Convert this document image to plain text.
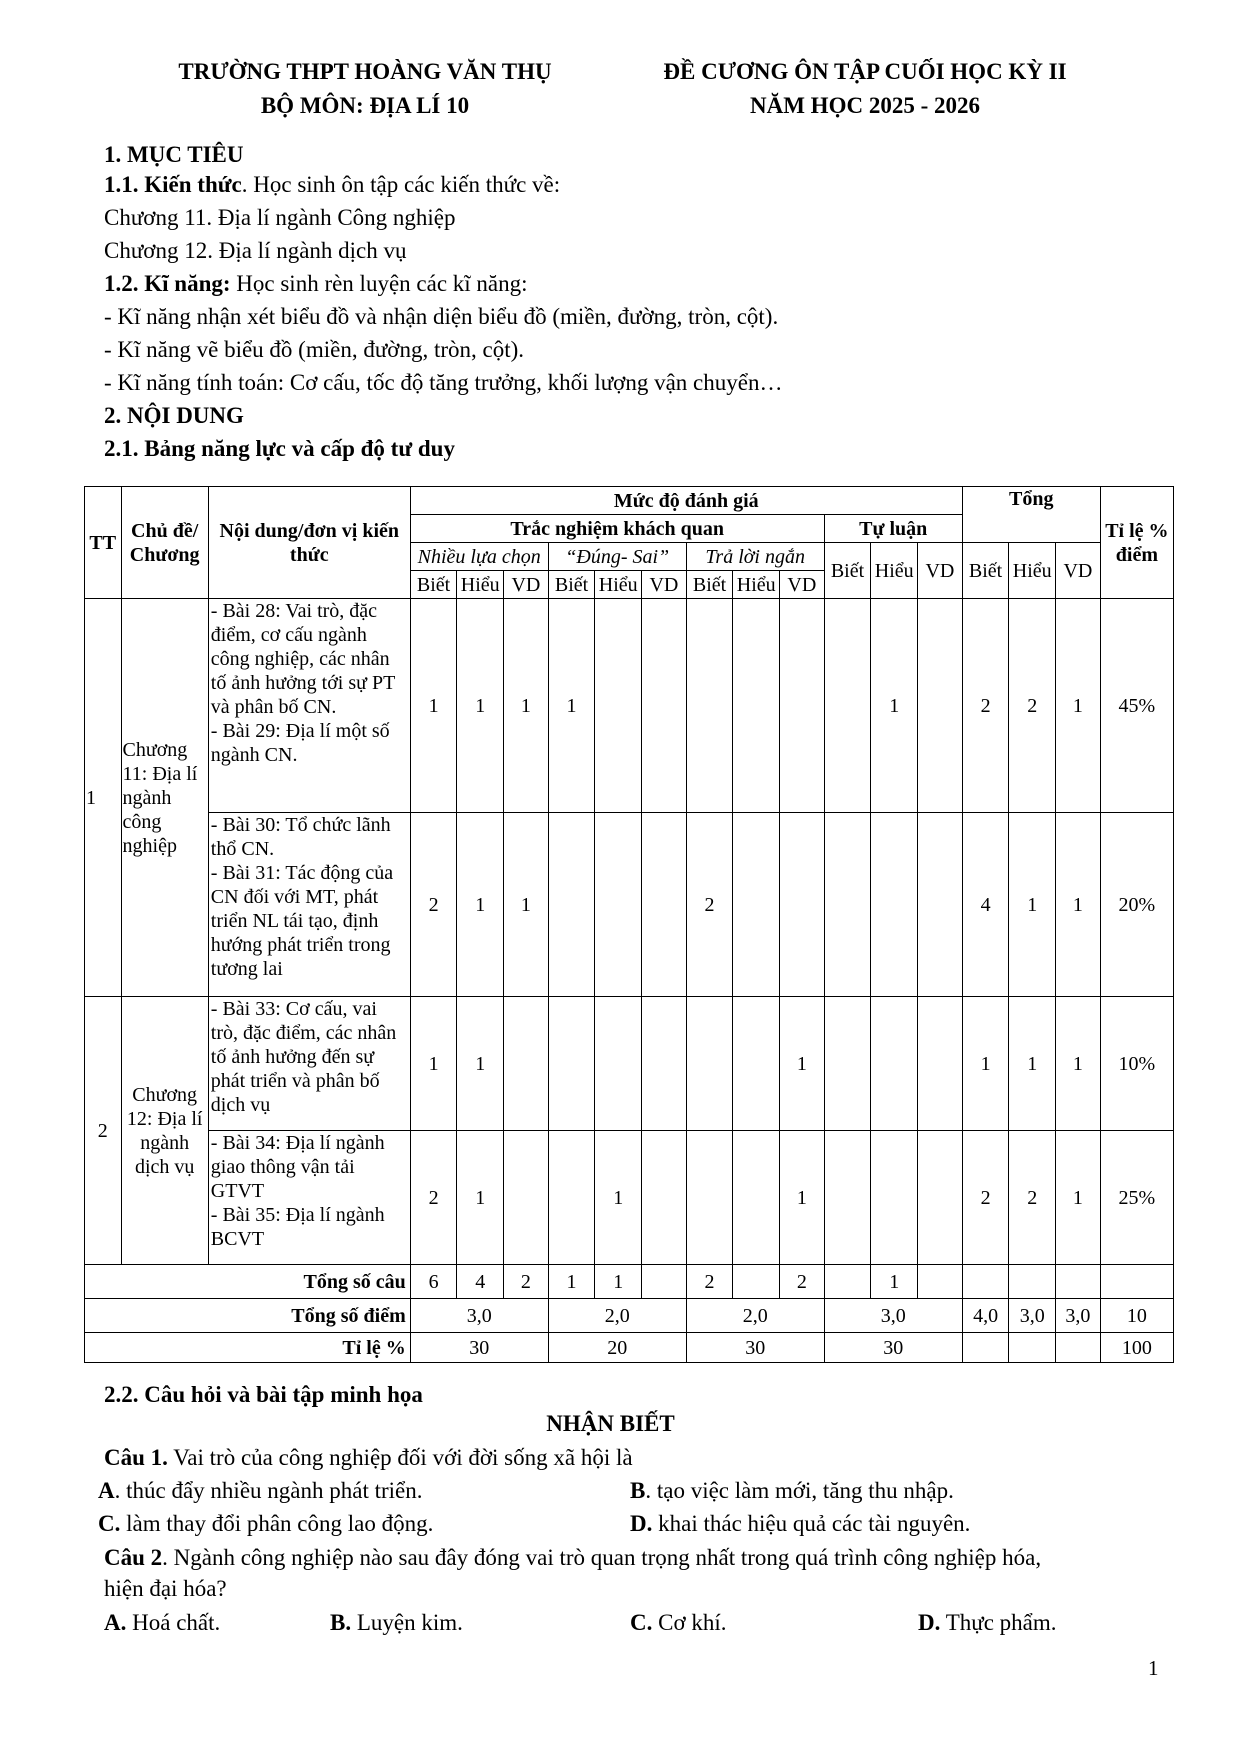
TRƯỜNG THPT HOÀNG VĂN THỤ
BỘ MÔN: ĐỊA LÍ 10
ĐỀ CƯƠNG ÔN TẬP CUỐI HỌC KỲ II
NĂM HỌC 2025 - 2026
1. MỤC TIÊU
1.1. Kiến thức. Học sinh ôn tập các kiến thức về:
Chương 11. Địa lí ngành Công nghiệp
Chương 12. Địa lí ngành dịch vụ
1.2. Kĩ năng: Học sinh rèn luyện các kĩ năng:
- Kĩ năng nhận xét biểu đồ và nhận diện biểu đồ (miền, đường, tròn, cột).
- Kĩ năng vẽ biểu đồ (miền, đường, tròn, cột).
- Kĩ năng tính toán: Cơ cấu, tốc độ tăng trưởng, khối lượng vận chuyển…
2. NỘI DUNG
2.1. Bảng năng lực và cấp độ tư duy
TT	Chủ đề/ Chương	Nội dung/đơn vị kiến thức	Mức độ đánh giá												Tổng			Tỉ lệ % điểm
			Trắc nghiệm khách quan									Tự luận						
			Nhiều lựa chọn			“Đúng- Sai”			Trả lời ngắn			Biết	Hiểu	VD	Biết	Hiểu	VD	
			Biết	Hiểu	VD	Biết	Hiểu	VD	Biết	Hiểu	VD							
1	Chương 11: Địa lí ngành công nghiệp	- Bài 28: Vai trò, đặc điểm, cơ cấu ngành công nghiệp, các nhân tố ảnh hưởng tới sự PT và phân bố CN.
- Bài 29: Địa lí một số ngành CN.	1	1	1	1							1		2	2	1	45%
		- Bài 30: Tổ chức lãnh thổ CN.
- Bài 31: Tác động của CN đối với MT, phát triển NL tái tạo, định hướng phát triển trong tương lai	2	1	1				2						4	1	1	20%
2	Chương 12: Địa lí ngành dịch vụ	- Bài 33: Cơ cấu, vai trò, đặc điểm, các nhân tố ảnh hưởng đến sự phát triển và phân bố dịch vụ	1	1							1				1	1	1	10%
		- Bài 34: Địa lí ngành giao thông vận tải GTVT
- Bài 35: Địa lí ngành BCVT	2	1			1				1				2	2	1	25%
Tổng số câu			6	4	2	1	1		2		2		1					
Tổng số điểm			3,0			2,0			2,0			3,0			4,0	3,0	3,0	10
Tỉ lệ %			30			20			30			30						100
2.2. Câu hỏi và bài tập minh họa
NHẬN BIẾT
Câu 1. Vai trò của công nghiệp đối với đời sống xã hội là
A. thúc đẩy nhiều ngành phát triển.	B. tạo việc làm mới, tăng thu nhập.
C. làm thay đổi phân công lao động.	D. khai thác hiệu quả các tài nguyên.
Câu 2. Ngành công nghiệp nào sau đây đóng vai trò quan trọng nhất trong quá trình công nghiệp hóa,
hiện đại hóa?
A. Hoá chất.	B. Luyện kim.	C. Cơ khí.	D. Thực phẩm.
1
